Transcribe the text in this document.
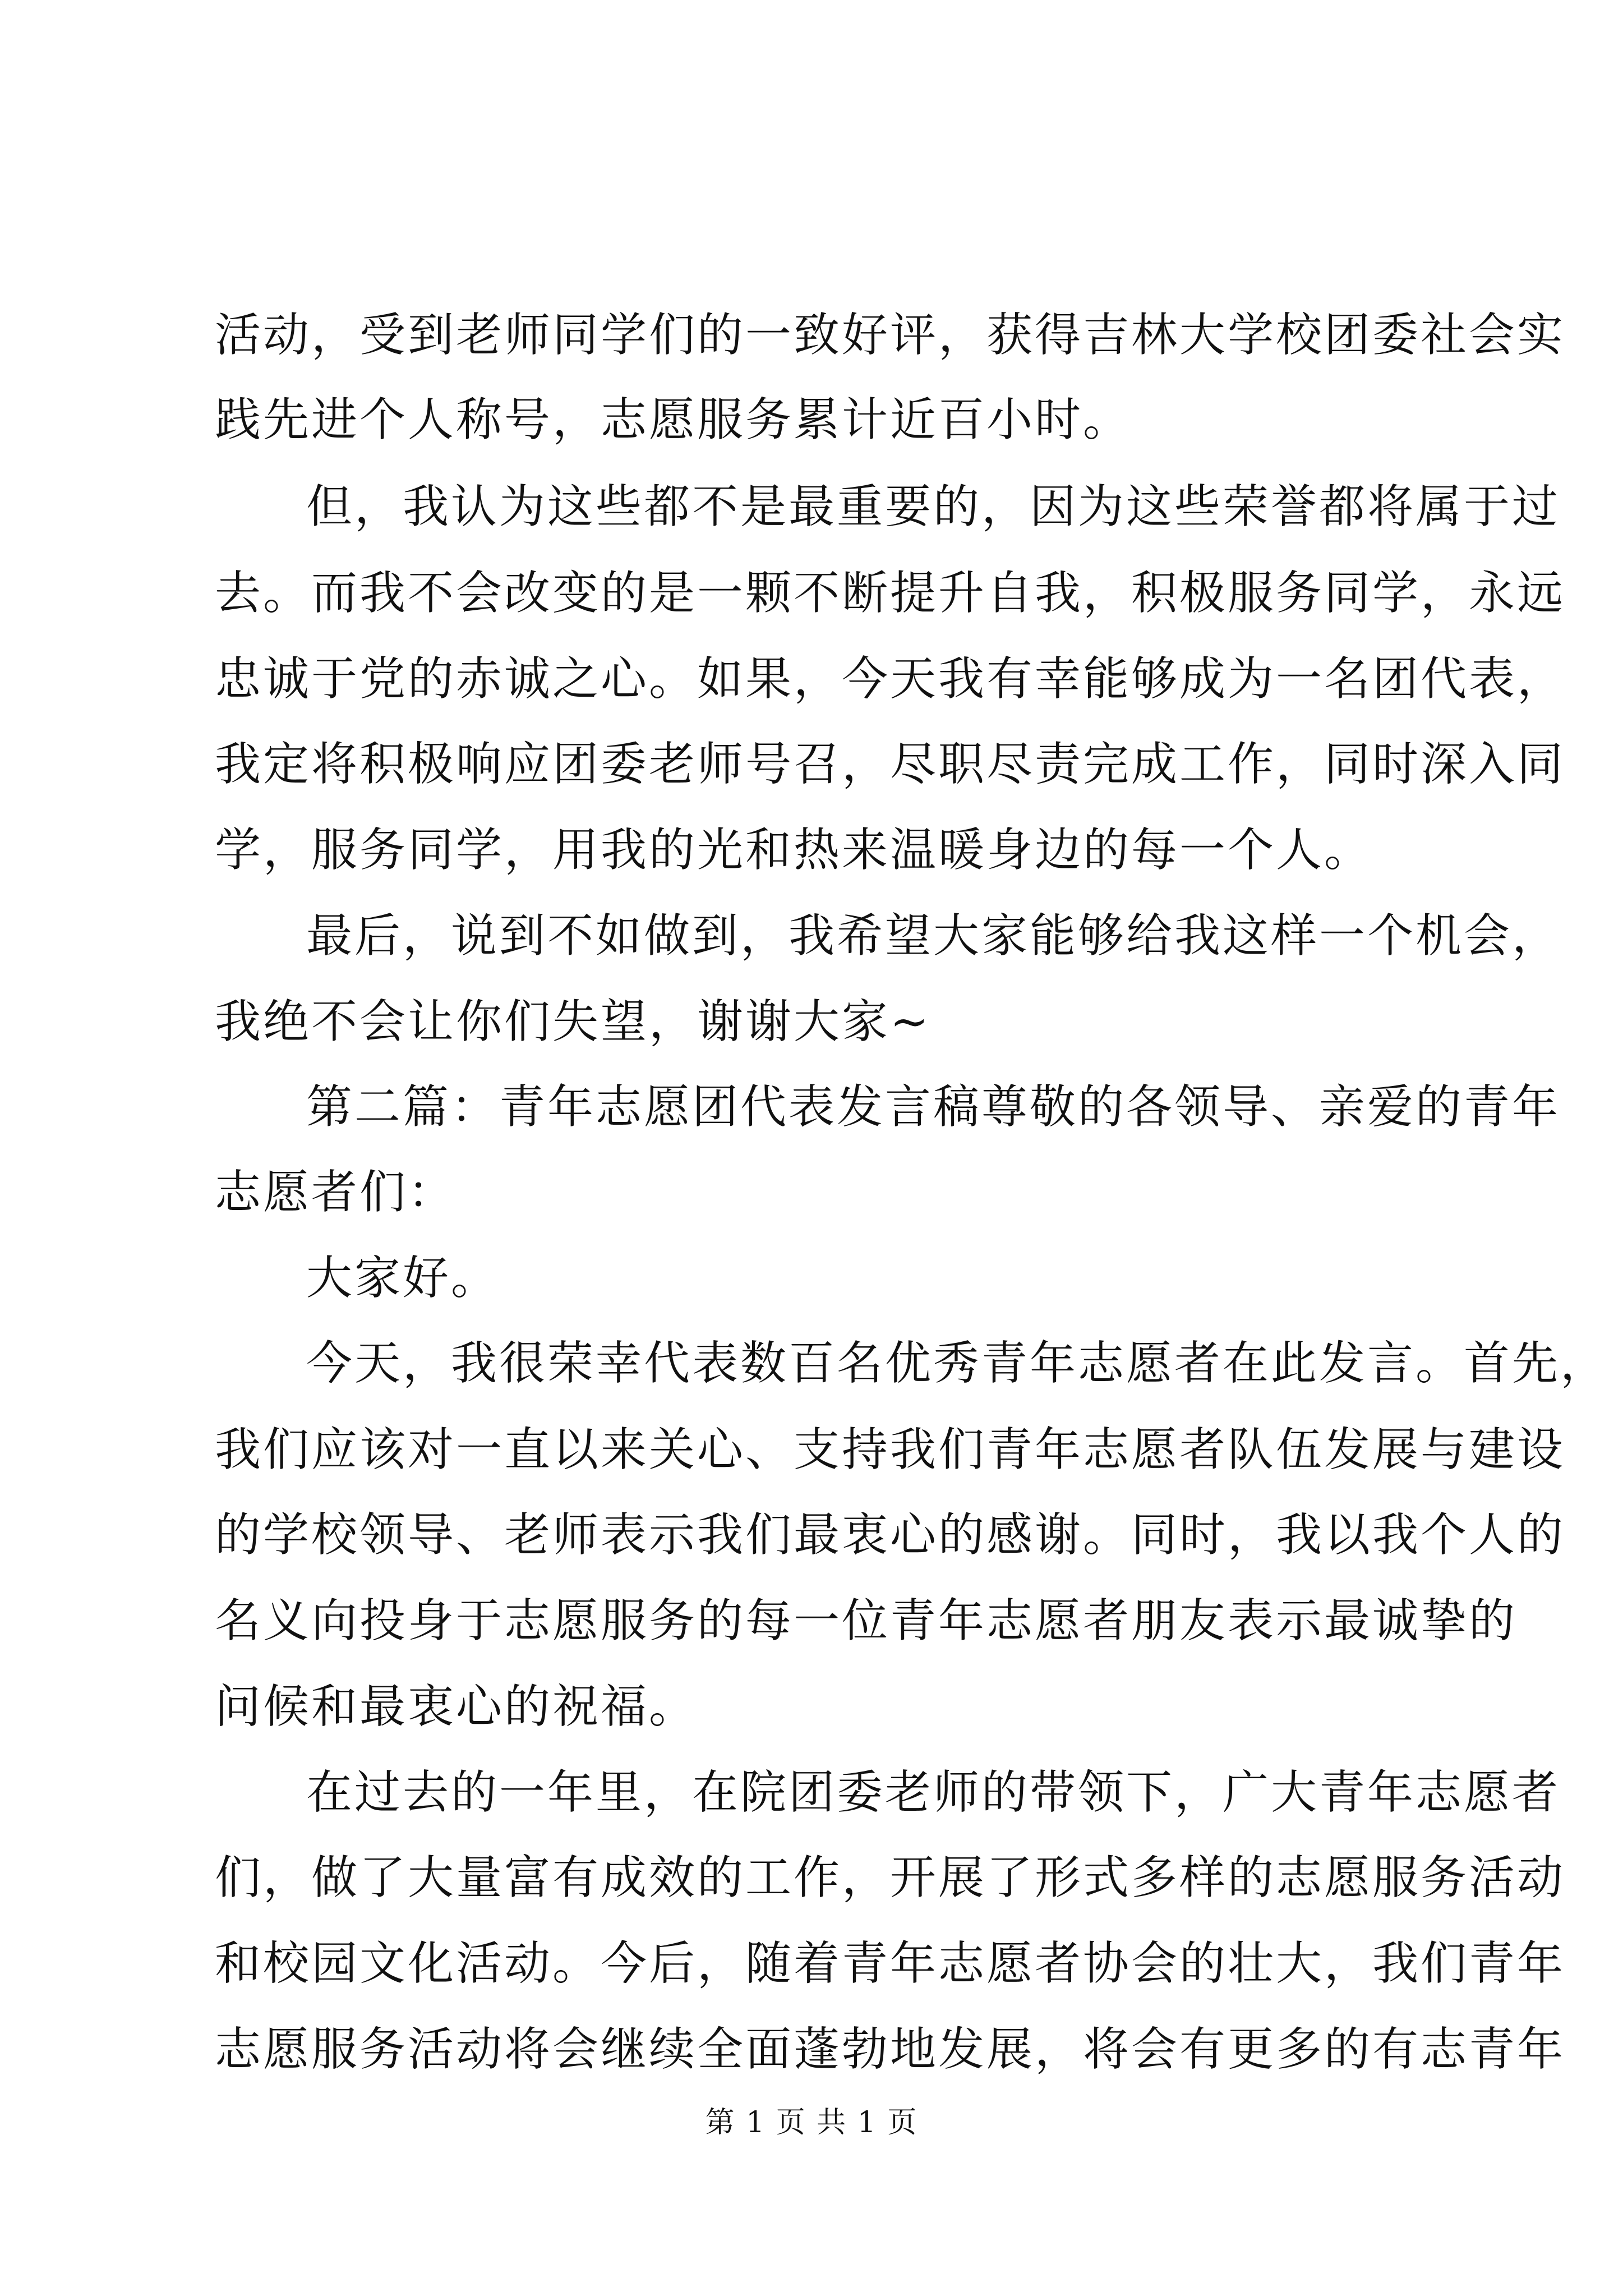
活动，受到老师同学们的一致好评，获得吉林大学校团委社会实
践先进个人称号，志愿服务累计近百小时。
但，我认为这些都不是最重要的，因为这些荣誉都将属于过
去。而我不会改变的是一颗不断提升自我，积极服务同学，永远
忠诚于党的赤诚之心。如果，今天我有幸能够成为一名团代表，
我定将积极响应团委老师号召，尽职尽责完成工作，同时深入同
学，服务同学，用我的光和热来温暖身边的每一个人。
最后，说到不如做到，我希望大家能够给我这样一个机会，
我绝不会让你们失望，谢谢大家~
第二篇：青年志愿团代表发言稿尊敬的各领导、亲爱的青年
志愿者们：
大家好。
今天，我很荣幸代表数百名优秀青年志愿者在此发言。首先，
我们应该对一直以来关心、支持我们青年志愿者队伍发展与建设
的学校领导、老师表示我们最衷心的感谢。同时，我以我个人的
名义向投身于志愿服务的每一位青年志愿者朋友表示最诚挚的
问候和最衷心的祝福。
在过去的一年里，在院团委老师的带领下，广大青年志愿者
们，做了大量富有成效的工作，开展了形式多样的志愿服务活动
和校园文化活动。今后，随着青年志愿者协会的壮大，我们青年
志愿服务活动将会继续全面蓬勃地发展，将会有更多的有志青年
第 1 页 共 1 页
